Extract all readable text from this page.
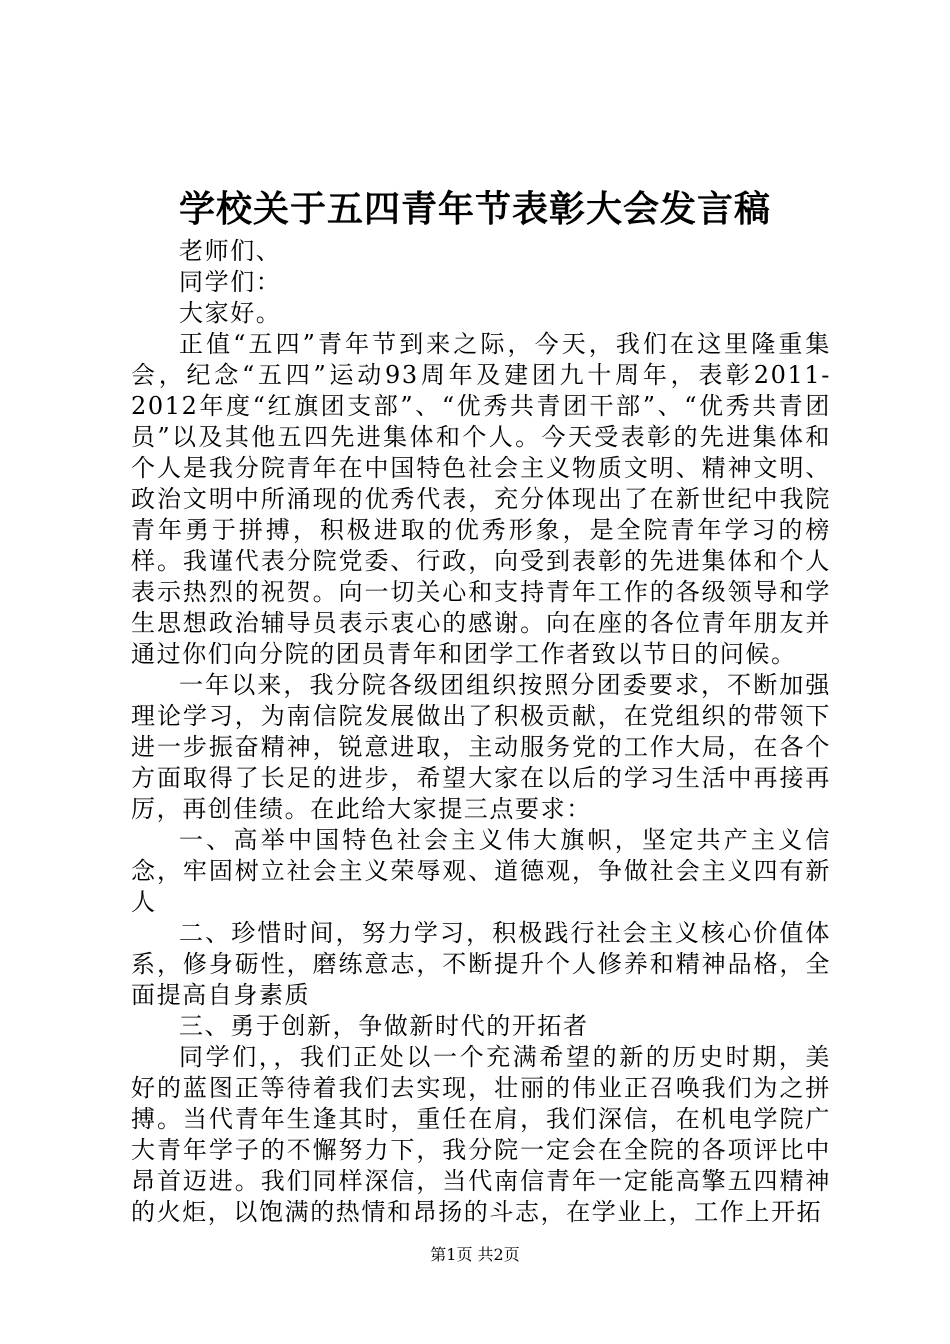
学校关于五四青年节表彰大会发言稿

老师们、

同学们：

大家好。

正值“五四”青年节到来之际，今天，我们在这里隆重集会，纪念“五四”运动93周年及建团九十周年，表彰2011-2012年度“红旗团支部”、“优秀共青团干部”、“优秀共青团员”以及其他五四先进集体和个人。今天受表彰的先进集体和个人是我分院青年在中国特色社会主义物质文明、精神文明、政治文明中所涌现的优秀代表，充分体现出了在新世纪中我院青年勇于拼搏，积极进取的优秀形象，是全院青年学习的榜样。我谨代表分院党委、行政，向受到表彰的先进集体和个人表示热烈的祝贺。向一切关心和支持青年工作的各级领导和学生思想政治辅导员表示衷心的感谢。向在座的各位青年朋友并通过你们向分院的团员青年和团学工作者致以节日的问候。

一年以来，我分院各级团组织按照分团委要求，不断加强理论学习，为南信院发展做出了积极贡献，在党组织的带领下进一步振奋精神，锐意进取，主动服务党的工作大局，在各个方面取得了长足的进步，希望大家在以后的学习生活中再接再厉，再创佳绩。在此给大家提三点要求：

一、高举中国特色社会主义伟大旗帜，坚定共产主义信念，牢固树立社会主义荣辱观、道德观，争做社会主义四有新人

二、珍惜时间，努力学习，积极践行社会主义核心价值体系，修身砺性，磨练意志，不断提升个人修养和精神品格，全面提高自身素质

三、勇于创新，争做新时代的开拓者

同学们，，我们正处以一个充满希望的新的历史时期，美好的蓝图正等待着我们去实现，壮丽的伟业正召唤我们为之拼搏。当代青年生逢其时，重任在肩，我们深信，在机电学院广大青年学子的不懈努力下，我分院一定会在全院的各项评比中昂首迈进。我们同样深信，当代南信青年一定能高擎五四精神的火炬，以饱满的热情和昂扬的斗志，在学业上，工作上开拓

第1页 共2页
